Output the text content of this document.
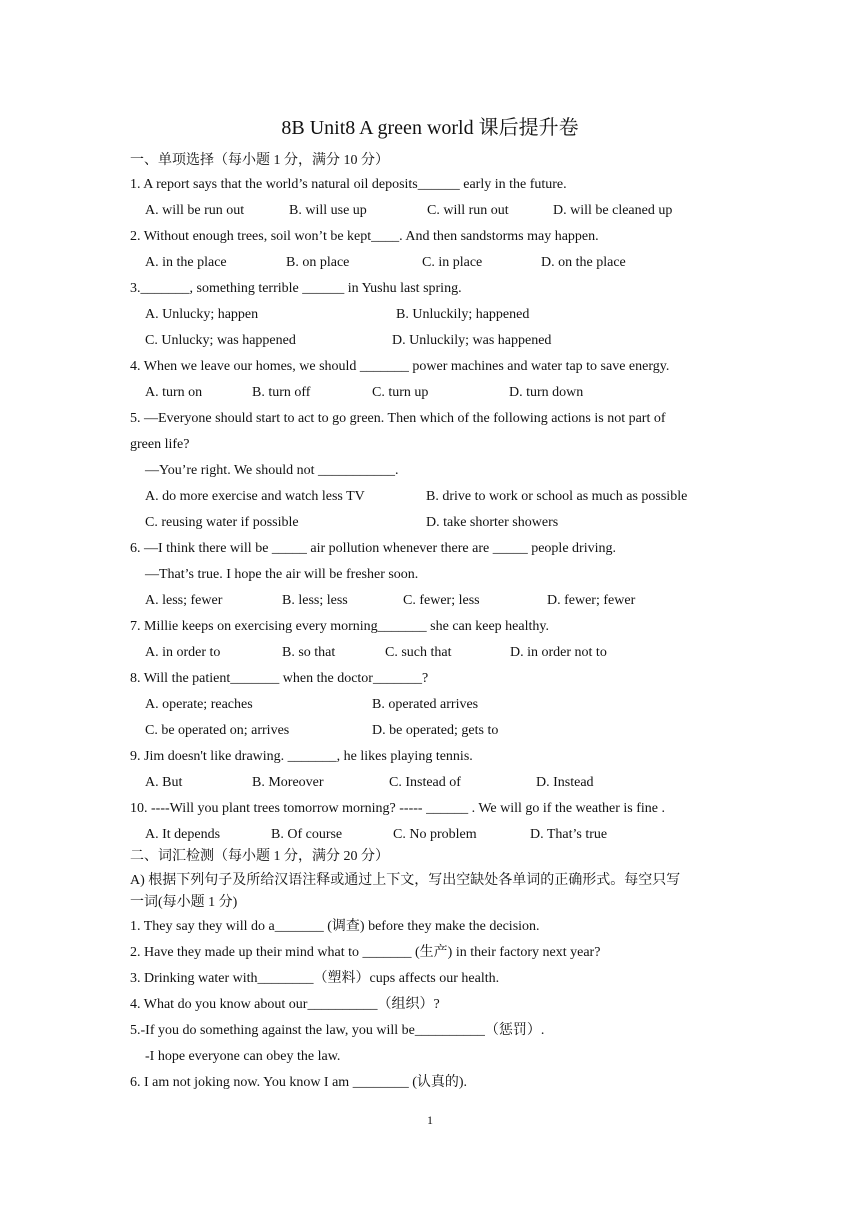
8B Unit8 A green world 课后提升卷
一、单项选择（每小题 1 分，满分 10 分）
1. A report says that the world’s natural oil deposits______ early in the future.
A. will be run out	B. will use up	C. will run out	D. will be cleaned up
2. Without enough trees, soil won’t be kept____. And then sandstorms may happen.
A. in the place	B. on place	C. in place	D. on the place
3._______, something terrible ______ in Yushu last spring.
A. Unlucky; happen	B. Unluckily; happened
C. Unlucky; was happened	D. Unluckily; was happened
4. When we leave our homes, we should _______ power machines and water tap to save energy.
A. turn on	B. turn off	C. turn up	D. turn down
5. —Everyone should start to act to go green. Then which of the following actions is not part of
green life?
—You’re right. We should not ___________.
A. do more exercise and watch less TV	B. drive to work or school as much as possible
C. reusing water if possible	D. take shorter showers
6. —I think there will be _____ air pollution whenever there are _____ people driving.
—That’s true. I hope the air will be fresher soon.
A. less; fewer	B. less; less	C. fewer; less	D. fewer; fewer
7. Millie keeps on exercising every morning_______ she can keep healthy.
A. in order to	B. so that	C. such that	D. in order not to
8. Will the patient_______ when the doctor_______?
A. operate; reaches	B. operated arrives
C. be operated on; arrives	D. be operated; gets to
9. Jim doesn't like drawing. _______, he likes playing tennis.
A. But	B. Moreover	C. Instead of	D. Instead
10. ----Will you plant trees tomorrow morning? ----- ______ . We will go if the weather is fine .
A. It depends	B. Of course	C. No problem	D. That’s true
二、词汇检测（每小题 1 分，满分 20 分）
A) 根据下列句子及所给汉语注释或通过上下文，写出空缺处各单词的正确形式。每空只写
一词(每小题 1 分)
1. They say they will do a_______ (调查) before they make the decision.
2. Have they made up their mind what to _______ (生产) in their factory next year?
3. Drinking water with________（塑料）cups affects our health.
4. What do you know about our__________（组织）?
5.-If you do something against the law, you will be__________（惩罚）.
-I hope everyone can obey the law.
6. I am not joking now. You know I am ________ (认真的).
1
